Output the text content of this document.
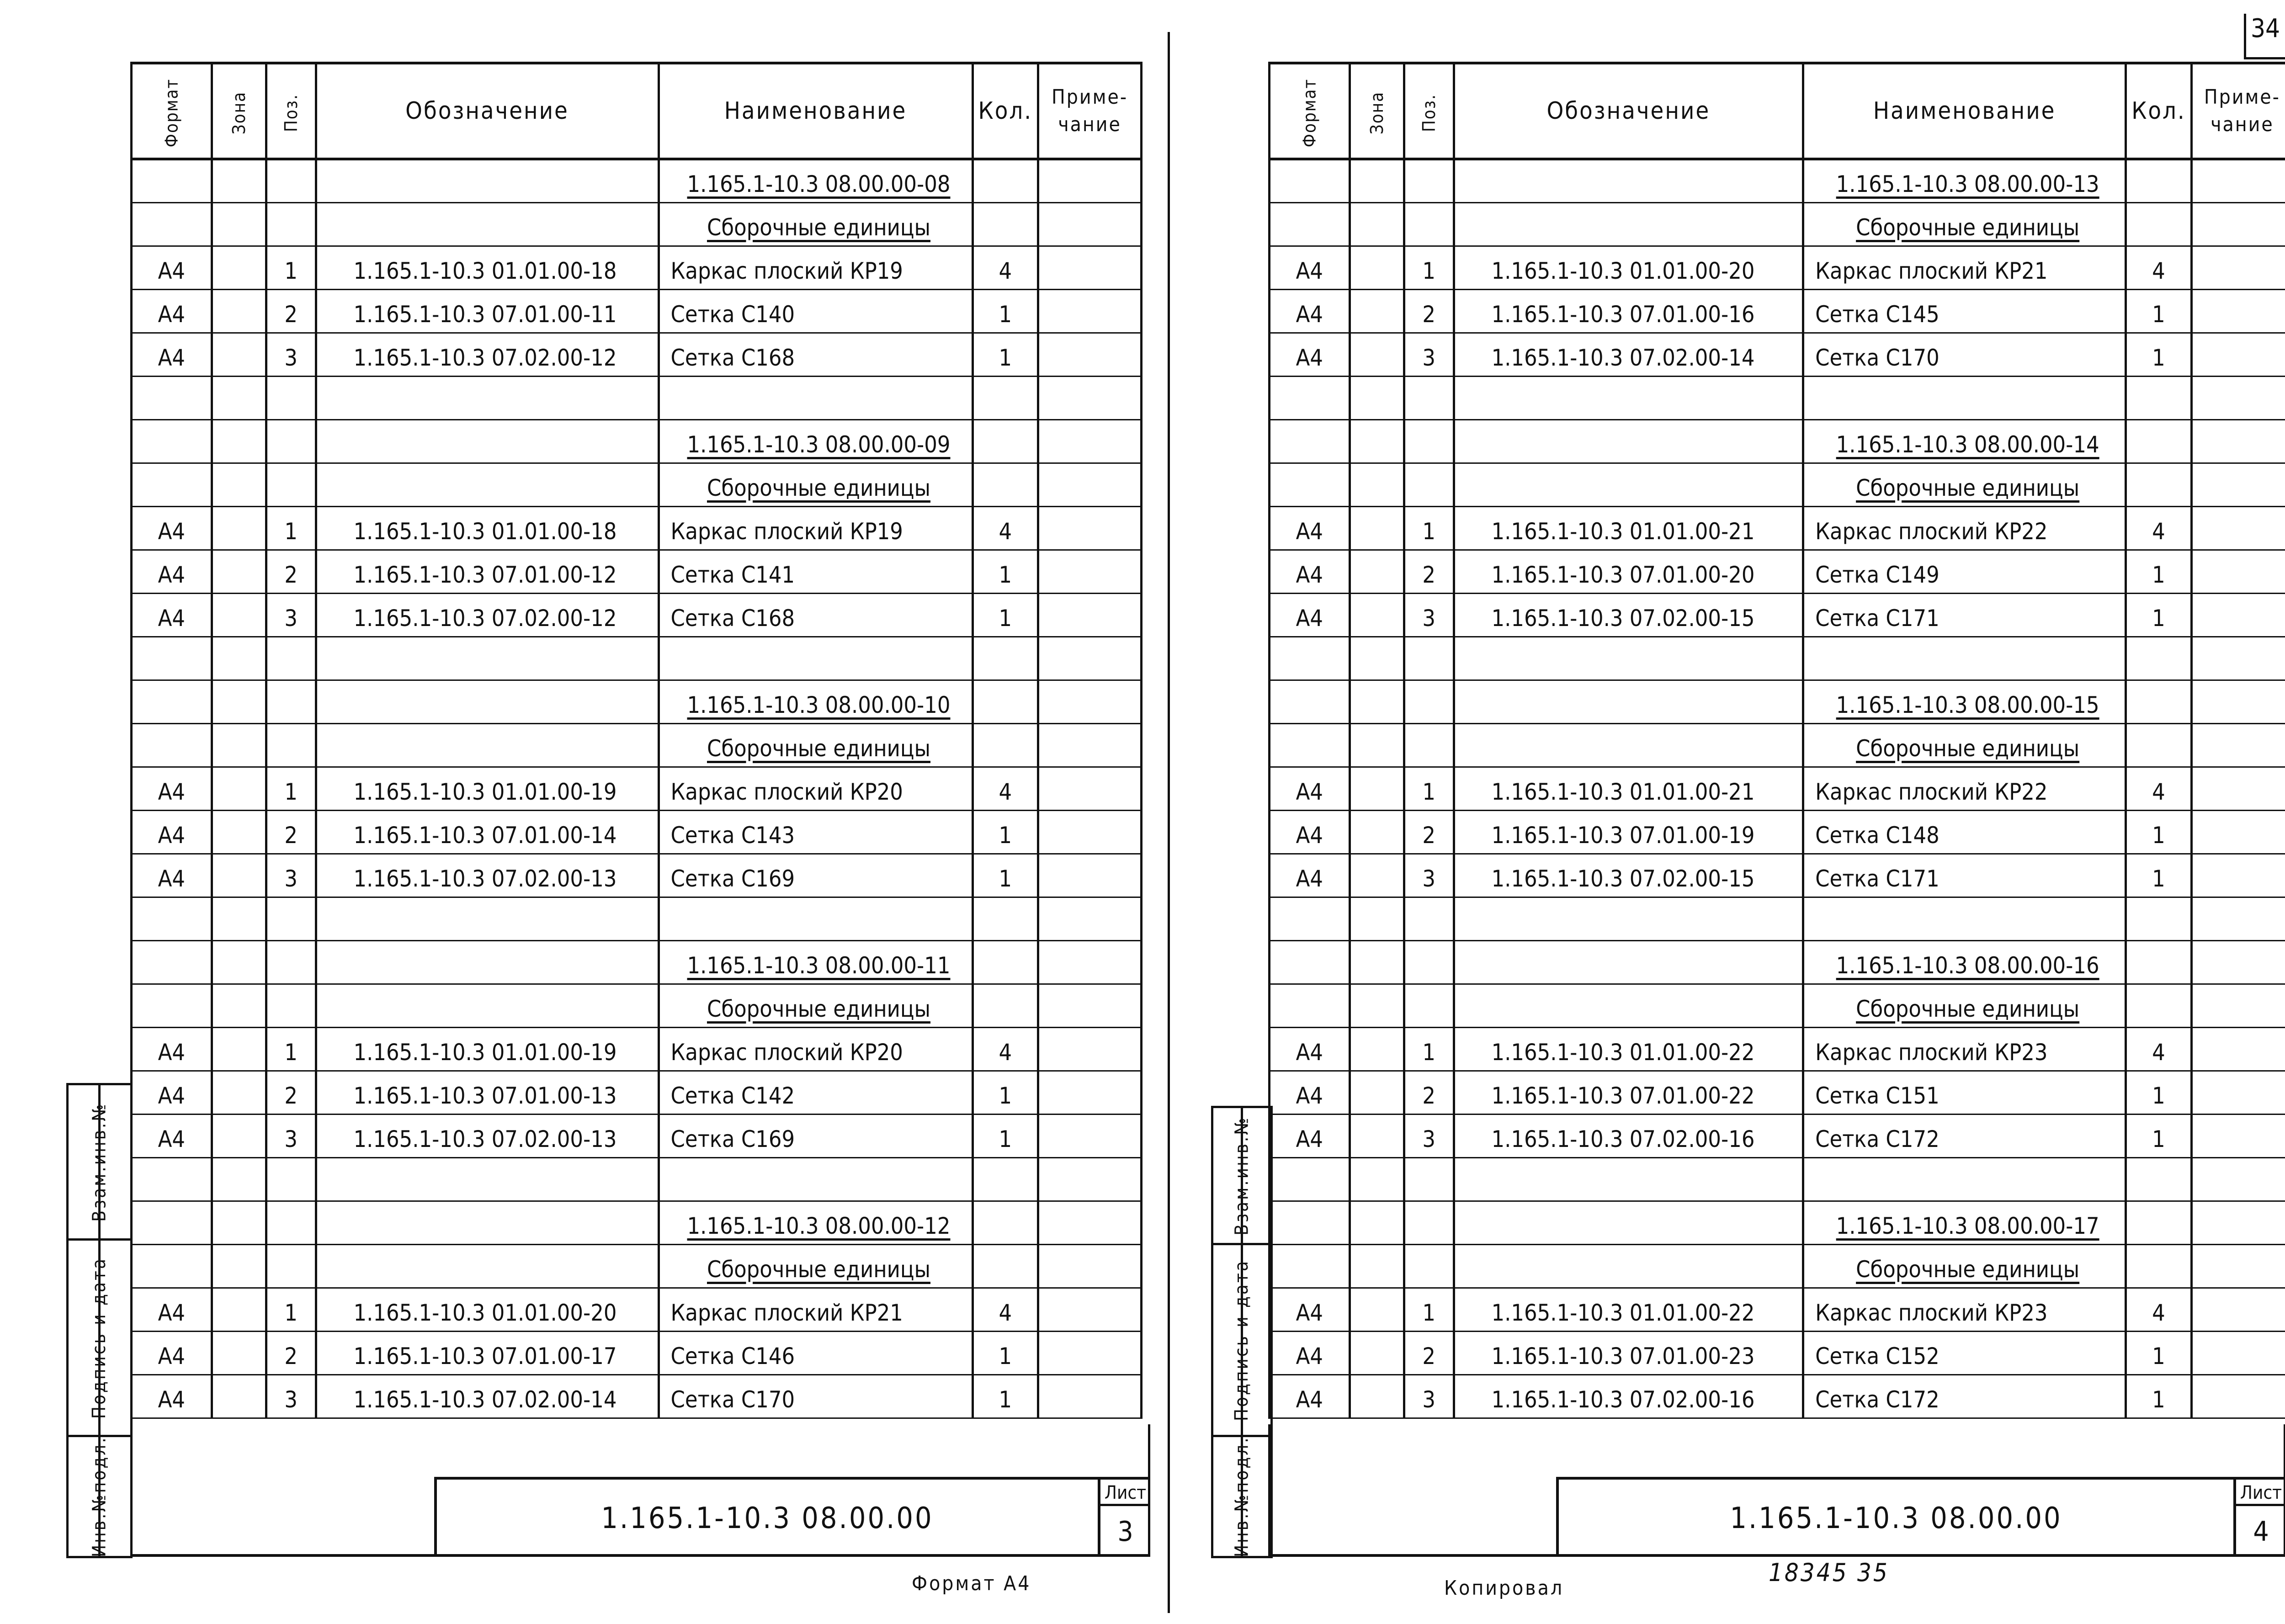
Формат	Зона	Поз.	Обозначение	Наименование	Кол.	Приме-
чание

				1.165.1-10.3 08.00.00-08		
				Сборочные единицы		
А4		1	1.165.1-10.3 01.01.00-18	Каркас плоский КР19	4	
А4		2	1.165.1-10.3 07.01.00-11	Сетка С140	1	
А4		3	1.165.1-10.3 07.02.00-12	Сетка С168	1	

				1.165.1-10.3 08.00.00-09		
				Сборочные единицы		
А4		1	1.165.1-10.3 01.01.00-18	Каркас плоский КР19	4	
А4		2	1.165.1-10.3 07.01.00-12	Сетка С141	1	
А4		3	1.165.1-10.3 07.02.00-12	Сетка С168	1	

				1.165.1-10.3 08.00.00-10		
				Сборочные единицы		
А4		1	1.165.1-10.3 01.01.00-19	Каркас плоский КР20	4	
А4		2	1.165.1-10.3 07.01.00-14	Сетка С143	1	
А4		3	1.165.1-10.3 07.02.00-13	Сетка С169	1	

				1.165.1-10.3 08.00.00-11		
				Сборочные единицы		
А4		1	1.165.1-10.3 01.01.00-19	Каркас плоский КР20	4	
А4		2	1.165.1-10.3 07.01.00-13	Сетка С142	1	
А4		3	1.165.1-10.3 07.02.00-13	Сетка С169	1	

				1.165.1-10.3 08.00.00-12		
				Сборочные единицы		
А4		1	1.165.1-10.3 01.01.00-20	Каркас плоский КР21	4	
А4		2	1.165.1-10.3 07.01.00-17	Сетка С146	1	
А4		3	1.165.1-10.3 07.02.00-14	Сетка С170	1	
1.165.1-10.3 08.00.00
Лист
3
Формат А4
Взам.инв.№
Подпись и дата
Инв.№подл.
Формат	Зона	Поз.	Обозначение	Наименование	Кол.	Приме-
чание

				1.165.1-10.3 08.00.00-13		
				Сборочные единицы		
А4		1	1.165.1-10.3 01.01.00-20	Каркас плоский КР21	4	
А4		2	1.165.1-10.3 07.01.00-16	Сетка С145	1	
А4		3	1.165.1-10.3 07.02.00-14	Сетка С170	1	

				1.165.1-10.3 08.00.00-14		
				Сборочные единицы		
А4		1	1.165.1-10.3 01.01.00-21	Каркас плоский КР22	4	
А4		2	1.165.1-10.3 07.01.00-20	Сетка С149	1	
А4		3	1.165.1-10.3 07.02.00-15	Сетка С171	1	

				1.165.1-10.3 08.00.00-15		
				Сборочные единицы		
А4		1	1.165.1-10.3 01.01.00-21	Каркас плоский КР22	4	
А4		2	1.165.1-10.3 07.01.00-19	Сетка С148	1	
А4		3	1.165.1-10.3 07.02.00-15	Сетка С171	1	

				1.165.1-10.3 08.00.00-16		
				Сборочные единицы		
А4		1	1.165.1-10.3 01.01.00-22	Каркас плоский КР23	4	
А4		2	1.165.1-10.3 07.01.00-22	Сетка С151	1	
А4		3	1.165.1-10.3 07.02.00-16	Сетка С172	1	

				1.165.1-10.3 08.00.00-17		
				Сборочные единицы		
А4		1	1.165.1-10.3 01.01.00-22	Каркас плоский КР23	4	
А4		2	1.165.1-10.3 07.01.00-23	Сетка С152	1	
А4		3	1.165.1-10.3 07.02.00-16	Сетка С172	1	
1.165.1-10.3 08.00.00
Лист
4
Копировал
18345 35
34
Взам.инв.№
Подпись и дата
Инв.№подл.
